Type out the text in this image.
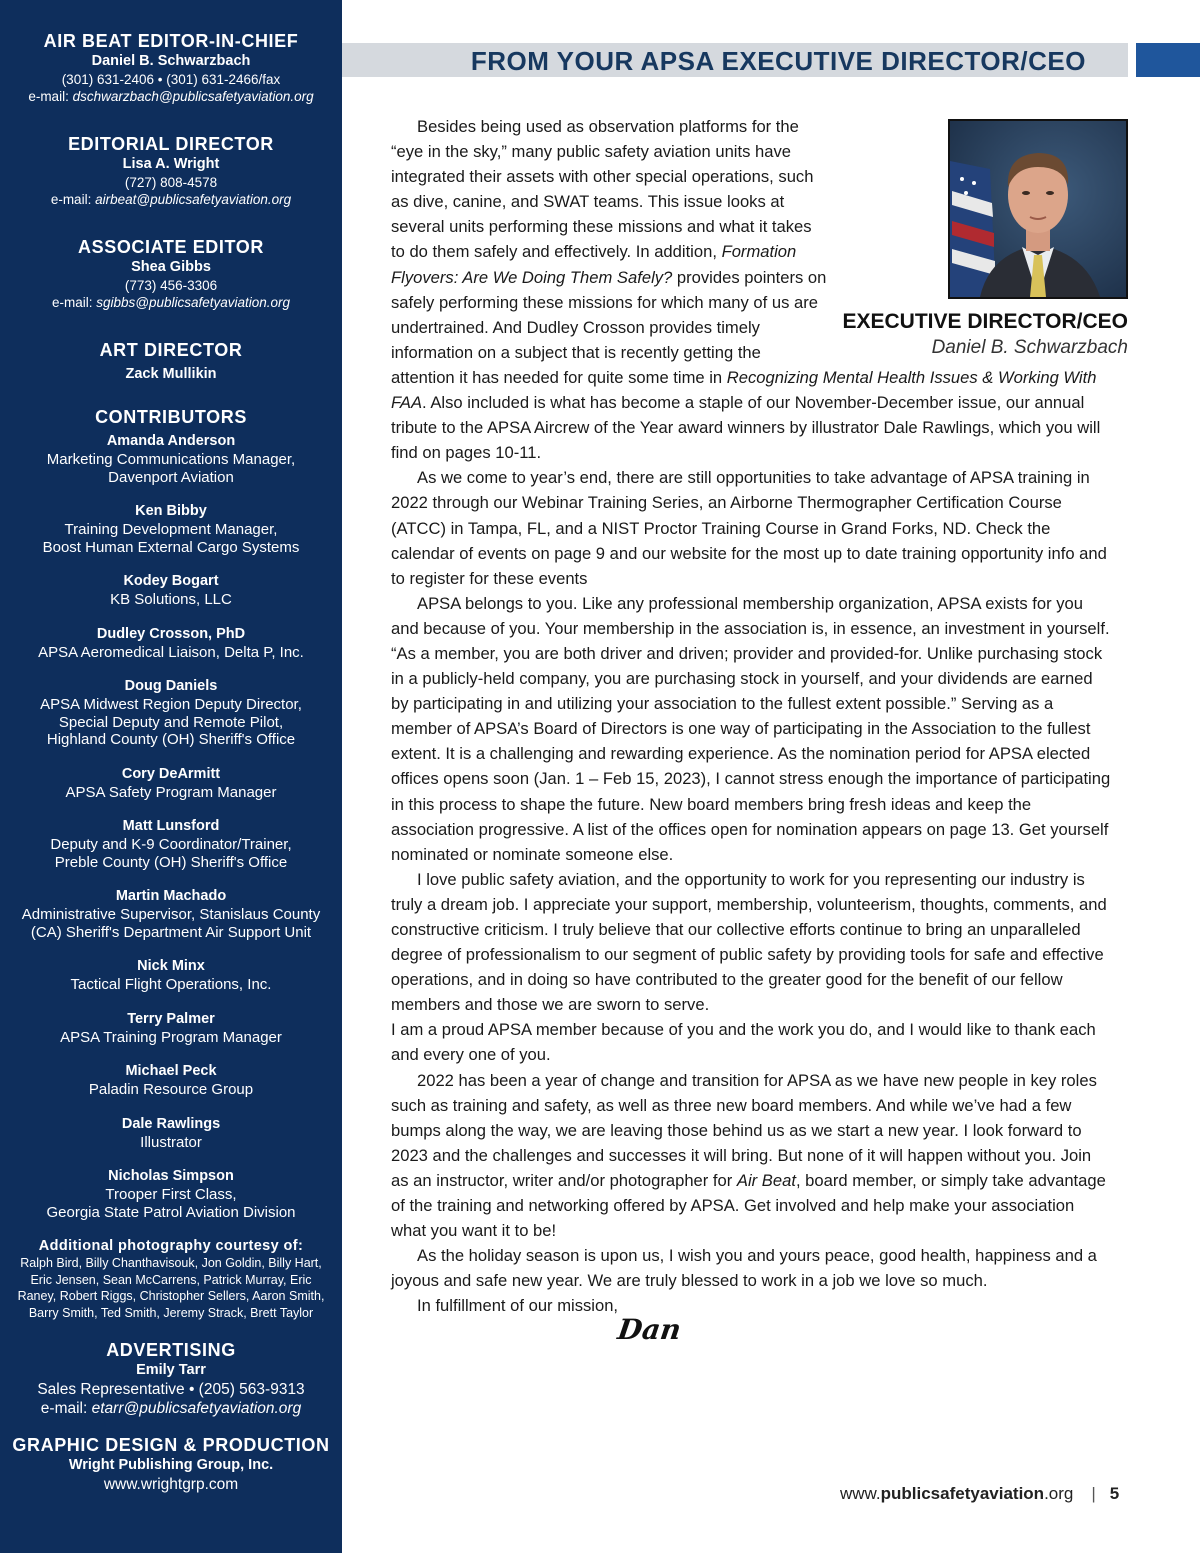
AIR BEAT EDITOR-IN-CHIEF
Daniel B. Schwarzbach
(301) 631-2406 • (301) 631-2466/fax
e-mail: dschwarzbach@publicsafetyaviation.org
EDITORIAL DIRECTOR
Lisa A. Wright
(727) 808-4578
e-mail: airbeat@publicsafetyaviation.org
ASSOCIATE EDITOR
Shea Gibbs
(773) 456-3306
e-mail: sgibbs@publicsafetyaviation.org
ART DIRECTOR
Zack Mullikin
CONTRIBUTORS
Amanda Anderson
Marketing Communications Manager,
Davenport Aviation
Ken Bibby
Training Development Manager,
Boost Human External Cargo Systems
Kodey Bogart
KB Solutions, LLC
Dudley Crosson, PhD
APSA Aeromedical Liaison, Delta P, Inc.
Doug Daniels
APSA Midwest Region Deputy Director,
Special Deputy and Remote Pilot,
Highland County (OH) Sheriff's Office
Cory DeArmitt
APSA Safety Program Manager
Matt Lunsford
Deputy and K-9 Coordinator/Trainer,
Preble County (OH) Sheriff's Office
Martin Machado
Administrative Supervisor, Stanislaus County
(CA) Sheriff's Department Air Support Unit
Nick Minx
Tactical Flight Operations, Inc.
Terry Palmer
APSA Training Program Manager
Michael Peck
Paladin Resource Group
Dale Rawlings
Illustrator
Nicholas Simpson
Trooper First Class,
Georgia State Patrol Aviation Division
Additional photography courtesy of:
Ralph Bird, Billy Chanthavisouk, Jon Goldin, Billy Hart,
Eric Jensen, Sean McCarrens, Patrick Murray, Eric
Raney, Robert Riggs, Christopher Sellers, Aaron Smith,
Barry Smith, Ted Smith, Jeremy Strack, Brett Taylor
ADVERTISING
Emily Tarr
Sales Representative • (205) 563-9313
e-mail: etarr@publicsafetyaviation.org
GRAPHIC DESIGN & PRODUCTION
Wright Publishing Group, Inc.
www.wrightgrp.com
FROM YOUR APSA EXECUTIVE DIRECTOR/CEO
EXECUTIVE DIRECTOR/CEO
Daniel B. Schwarzbach

Besides being used as observation platforms for the “eye in the sky,” many public safety aviation units have integrated their assets with other special operations, such as dive, canine, and SWAT teams. This issue looks at several units performing these missions and what it takes to do them safely and effectively. In addition, Formation Flyovers: Are We Doing Them Safely? provides pointers on safely performing these missions for which many of us are undertrained. And Dudley Crosson provides timely information on a subject that is recently getting the attention it has needed for quite some time in Recognizing Mental Health Issues & Working With FAA. Also included is what has become a staple of our November-December issue, our annual tribute to the APSA Aircrew of the Year award winners by illustrator Dale Rawlings, which you will find on pages 10-11.

As we come to year’s end, there are still opportunities to take advantage of APSA training in 2022 through our Webinar Training Series, an Airborne Thermographer Certification Course (ATCC) in Tampa, FL, and a NIST Proctor Training Course in Grand Forks, ND. Check the calendar of events on page 9 and our website for the most up to date training opportunity info and to register for these events

APSA belongs to you. Like any professional membership organization, APSA exists for you and because of you. Your membership in the association is, in essence, an investment in yourself. “As a member, you are both driver and driven; provider and provided-for. Unlike purchasing stock in a publicly-held company, you are purchasing stock in yourself, and your dividends are earned by participating in and utilizing your association to the fullest extent possible.” Serving as a member of APSA’s Board of Directors is one way of participating in the Association to the fullest extent. It is a challenging and rewarding experience. As the nomination period for APSA elected offices opens soon (Jan. 1 – Feb 15, 2023), I cannot stress enough the importance of participating in this process to shape the future. New board members bring fresh ideas and keep the association progressive. A list of the offices open for nomination appears on page 13. Get yourself nominated or nominate someone else.

I love public safety aviation, and the opportunity to work for you representing our industry is truly a dream job. I appreciate your support, membership, volunteerism, thoughts, comments, and constructive criticism. I truly believe that our collective efforts continue to bring an unparalleled degree of professionalism to our segment of public safety by providing tools for safe and effective operations, and in doing so have contributed to the greater good for the benefit of our fellow members and those we are sworn to serve.

I am a proud APSA member because of you and the work you do, and I would like to thank each and every one of you.

2022 has been a year of change and transition for APSA as we have new people in key roles such as training and safety, as well as three new board members. And while we’ve had a few bumps along the way, we are leaving those behind us as we start a new year. I look forward to 2023 and the challenges and successes it will bring. But none of it will happen without you. Join as an instructor, writer and/or photographer for Air Beat, board member, or simply take advantage of the training and networking offered by APSA. Get involved and help make your association what you want it to be!

As the holiday season is upon us, I wish you and yours peace, good health, happiness and a joyous and safe new year. We are truly blessed to work in a job we love so much.

In fulfillment of our mission,

Dan
www.publicsafetyaviation.org | 5
